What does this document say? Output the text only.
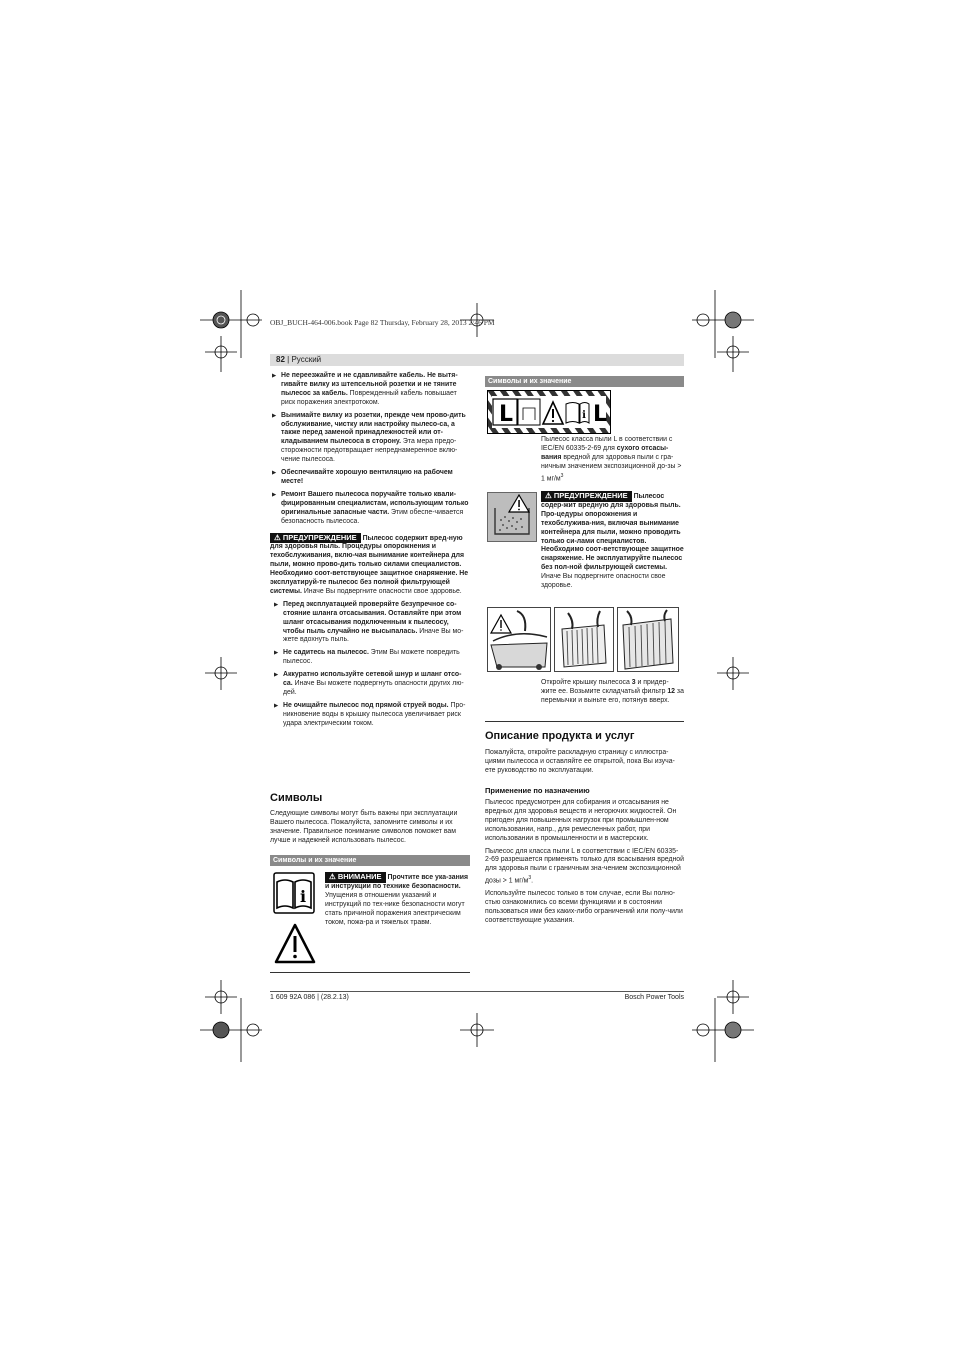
OBJ_BUCH-464-006.book Page 82 Thursday, February 28, 2013 2:46 PM
82 | Русский
▶ Не переезжайте и не сдавливайте кабель. Не вытя-гивайте вилку из штепсельной розетки и не тяните пылесос за кабель. Поврежденный кабель повышает риск поражения электротоком.
▶ Вынимайте вилку из розетки, прежде чем прово-дить обслуживание, чистку или настройку пылесо-са, а также перед заменой принадлежностей или от-кладыванием пылесоса в сторону. Эта мера предо-сторожности предотвращает непреднамеренное вклю-чение пылесоса.
▶ Обеспечивайте хорошую вентиляцию на рабочем месте!
▶ Ремонт Вашего пылесоса поручайте только квали-фицированным специалистам, использующим только оригинальные запасные части. Этим обеспе-чивается безопасность пылесоса.
⚠ ПРЕДУПРЕЖДЕНИЕ Пылесос содержит вред-ную для здоровья пыль. Процедуры опорожнения и техобслуживания, вклю-чая вынимание контейнера для пыли, можно прово-дить только силами специалистов. Необходимо соот-ветствующее защитное снаряжение. Не эксплуатируй-те пылесос без полной фильтрующей системы. Иначе Вы подвергните опасности свое здоровье.
▶ Перед эксплуатацией проверяйте безупречное со-стояние шланга отсасывания. Оставляйте при этом шланг отсасывания подключенным к пылесосу, чтобы пыль случайно не высыпалась. Иначе Вы мо-жете вдохнуть пыль.
▶ Не садитесь на пылесос. Этим Вы можете повредить пылесос.
▶ Аккуратно используйте сетевой шнур и шланг отсо-са. Иначе Вы можете подвергнуть опасности других лю-дей.
▶ Не очищайте пылесос под прямой струей воды. Про-никновение воды в крышку пылесоса увеличивает риск удара электрическим током.

Символы

Следующие символы могут быть важны при эксплуатации Вашего пылесоса. Пожалуйста, запомните символы и их значение. Правильное понимание символов поможет вам лучше и надежней использовать пылесос.

Символы и их значение
i
⚠ ВНИМАНИЕ Прочтите все ука-зания и инструкции по технике безопасности. Упущения в отношении указаний и инструкций по тех-нике безопасности могут стать причиной поражения электрическим током, пожа-ра и тяжелых травм.
Символы и их значение
L	i L
Пылесос класса пыли L в соответствии с IEC/EN 60335-2-69 для сухого отсасы-вания вредной для здоровья пыли с гра-ничным значением экспозиционной до-зы > 1 $мг/м^3$
⚠ ПРЕДУПРЕЖДЕНИЕ Пылесос содер-жит вредную для здоровья пыль. Про-цедуры опорожнения и техобслужива-ния, включая вынимание контейнера для пыли, можно проводить только си-лами специалистов. Необходимо соот-ветствующее защитное снаряжение. Не эксплуатируйте пылесос без пол-ной фильтрующей системы. Иначе Вы подвергните опасности свое здоровье.
Откройте крышку пылесоса 3 и придер-жите ее. Возьмите складчатый фильтр 12 за перемычки и выньте его, потянув вверх.

Описание продукта и услуг

Пожалуйста, откройте раскладную страницу с иллюстра-циями пылесоса и оставляйте ее открытой, пока Вы изуча-ете руководство по эксплуатации.

Применение по назначению

Пылесос предусмотрен для собирания и отсасывания не вредных для здоровья веществ и негорючих жидкостей. Он пригоден для повышенных нагрузок при промышлен-ном использовании, напр., для ремесленных работ, при использовании в промышленности и в мастерских.

Пылесос для класса пыли L в соответствии с IEC/EN 60335-2-69 разрешается применять только для всасывания вредной для здоровья пыли с граничным зна-чением экспозиционной дозы > 1 $мг/м^3$.

Используйте пылесос только в том случае, если Вы полно-стью ознакомились со всеми функциями и в состоянии пользоваться ими без каких-либо ограничений или полу-чили соответствующие указания.

1 609 92A 086 | (28.2.13)	Bosch Power Tools
